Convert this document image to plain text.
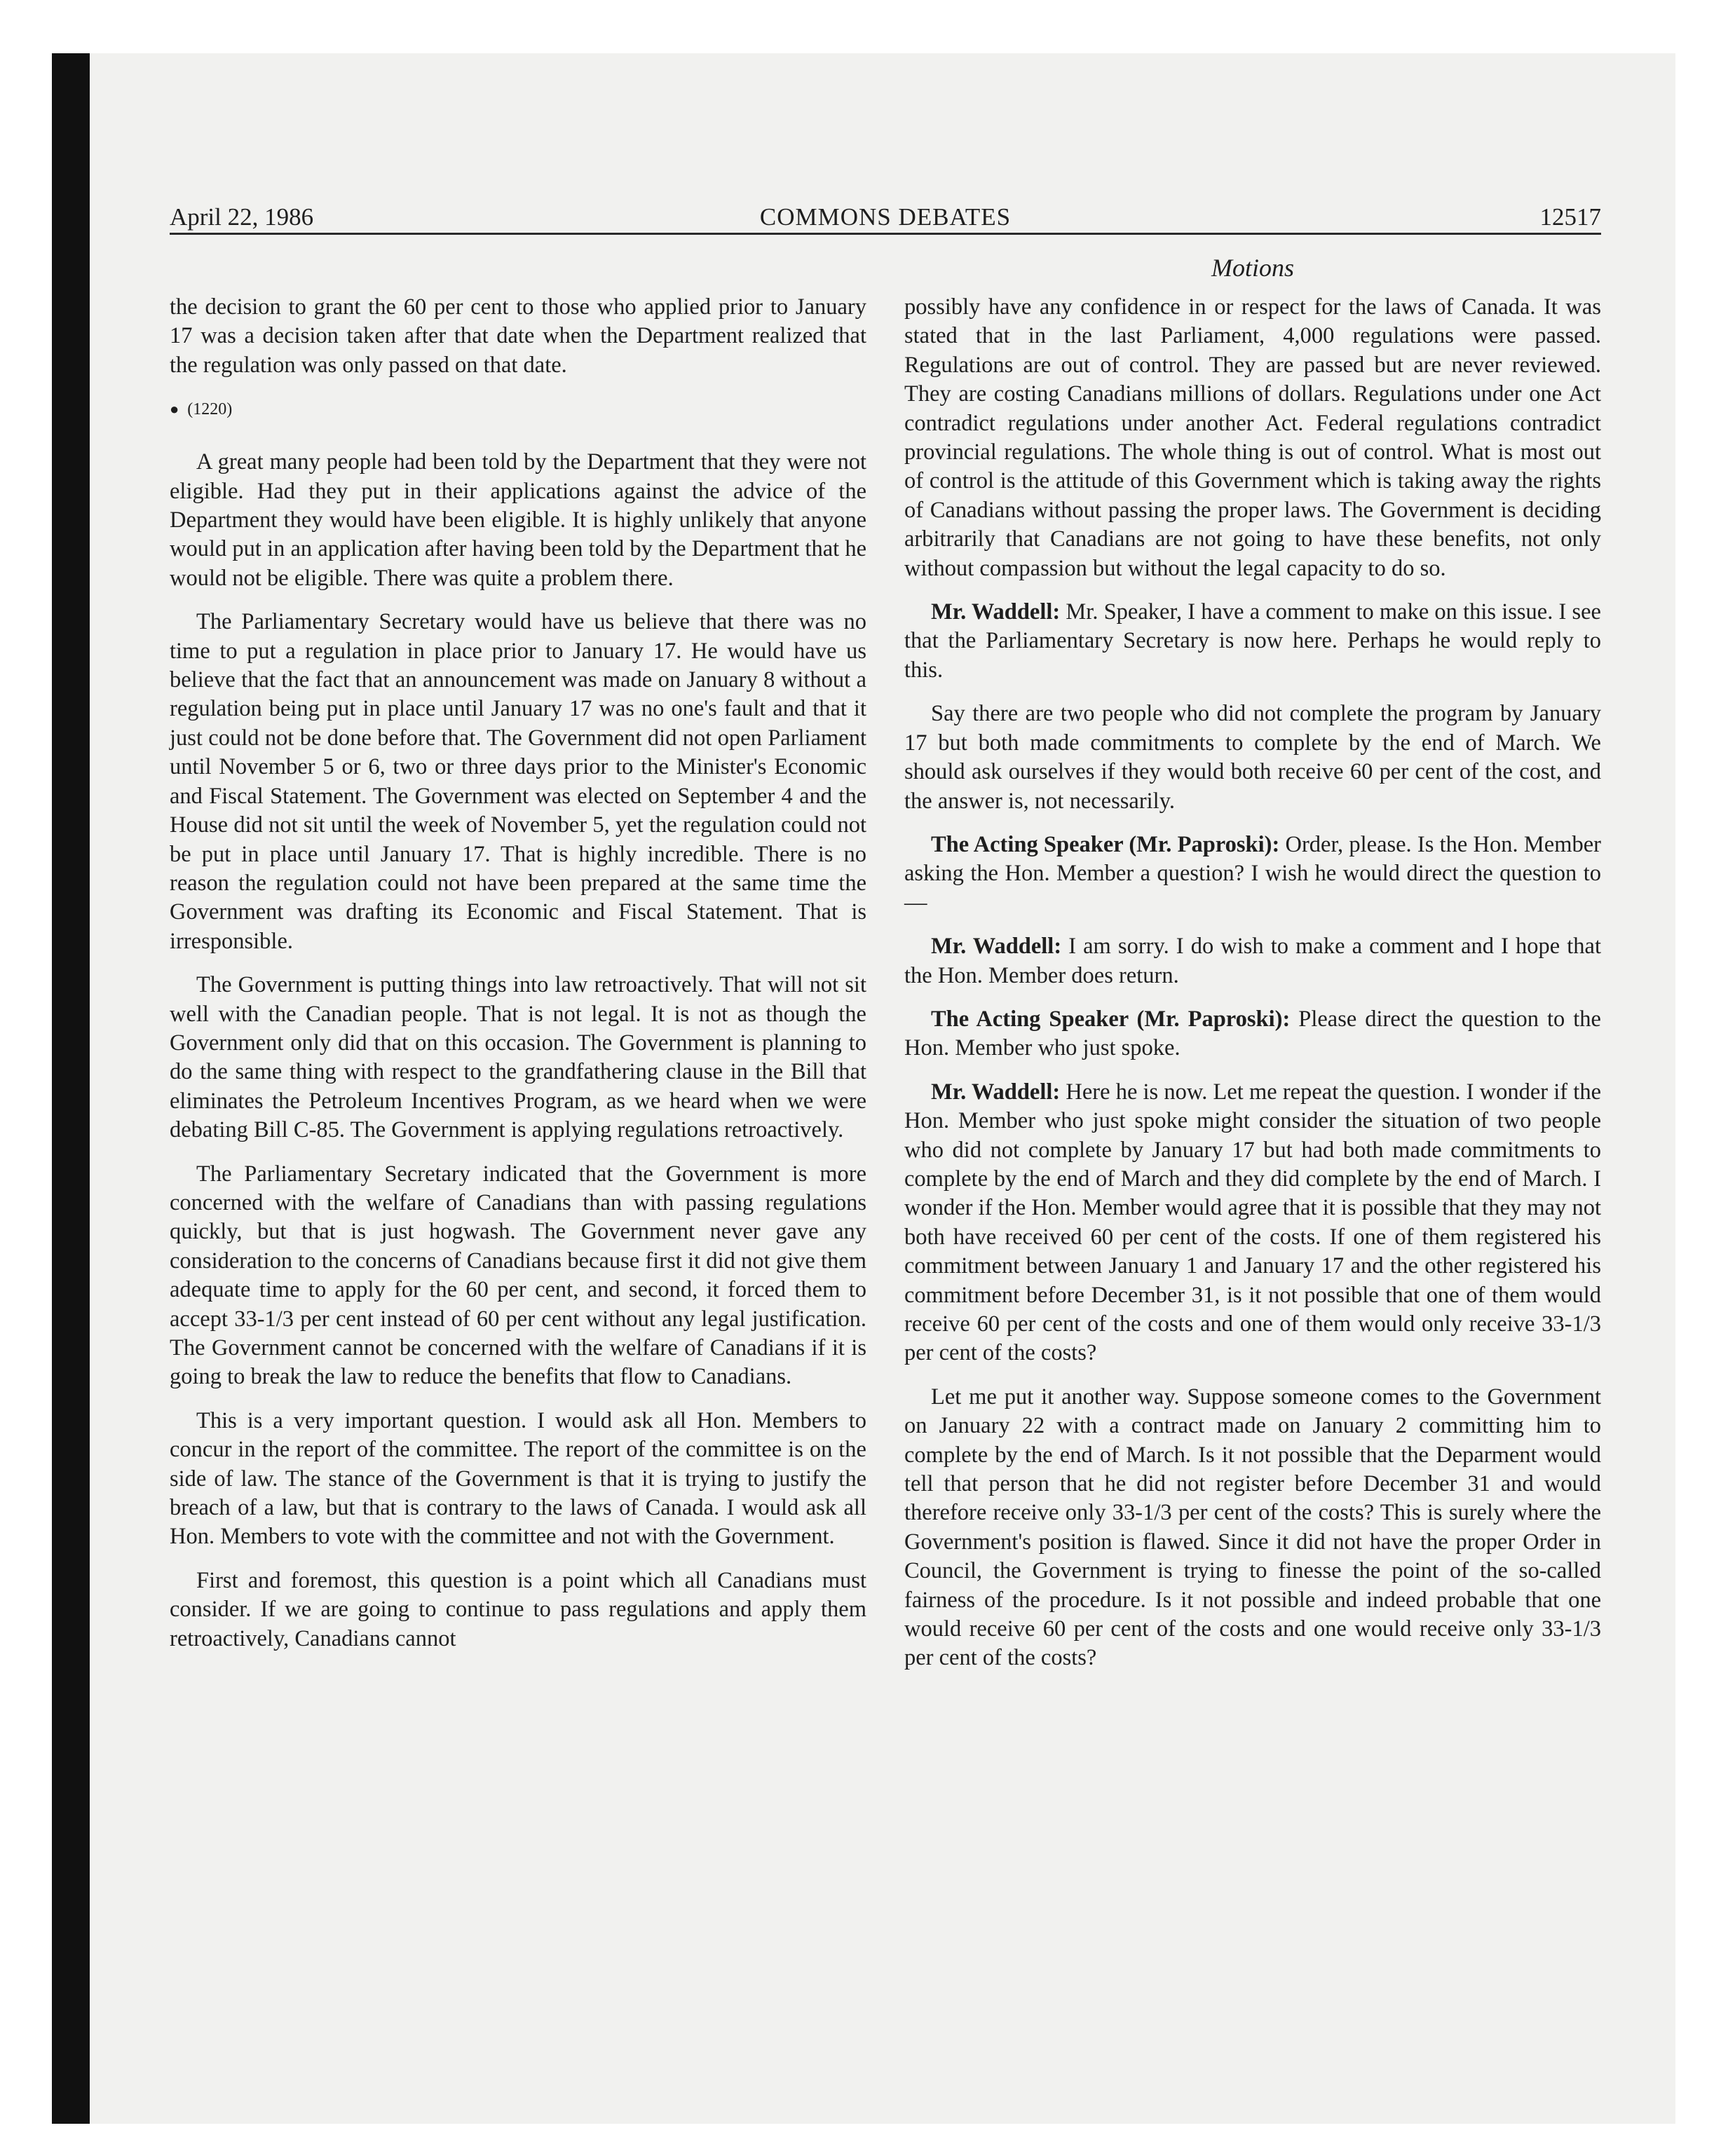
April 22, 1986	COMMONS DEBATES	12517
Motions

the decision to grant the 60 per cent to those who applied prior to January 17 was a decision taken after that date when the Department realized that the regulation was only passed on that date.

● (1220)

A great many people had been told by the Department that they were not eligible. Had they put in their applications against the advice of the Department they would have been eligible. It is highly unlikely that anyone would put in an application after having been told by the Department that he would not be eligible. There was quite a problem there.

The Parliamentary Secretary would have us believe that there was no time to put a regulation in place prior to January 17. He would have us believe that the fact that an announcement was made on January 8 without a regulation being put in place until January 17 was no one's fault and that it just could not be done before that. The Government did not open Parliament until November 5 or 6, two or three days prior to the Minister's Economic and Fiscal Statement. The Government was elected on September 4 and the House did not sit until the week of November 5, yet the regulation could not be put in place until January 17. That is highly incredible. There is no reason the regulation could not have been prepared at the same time the Government was drafting its Economic and Fiscal Statement. That is irresponsible.

The Government is putting things into law retroactively. That will not sit well with the Canadian people. That is not legal. It is not as though the Government only did that on this occasion. The Government is planning to do the same thing with respect to the grandfathering clause in the Bill that eliminates the Petroleum Incentives Program, as we heard when we were debating Bill C-85. The Government is applying regulations retroactively.

The Parliamentary Secretary indicated that the Government is more concerned with the welfare of Canadians than with passing regulations quickly, but that is just hogwash. The Government never gave any consideration to the concerns of Canadians because first it did not give them adequate time to apply for the 60 per cent, and second, it forced them to accept 33-1/3 per cent instead of 60 per cent without any legal justification. The Government cannot be concerned with the welfare of Canadians if it is going to break the law to reduce the benefits that flow to Canadians.

This is a very important question. I would ask all Hon. Members to concur in the report of the committee. The report of the committee is on the side of law. The stance of the Government is that it is trying to justify the breach of a law, but that is contrary to the laws of Canada. I would ask all Hon. Members to vote with the committee and not with the Government.

First and foremost, this question is a point which all Canadians must consider. If we are going to continue to pass regulations and apply them retroactively, Canadians cannot

possibly have any confidence in or respect for the laws of Canada. It was stated that in the last Parliament, 4,000 regulations were passed. Regulations are out of control. They are passed but are never reviewed. They are costing Canadians millions of dollars. Regulations under one Act contradict regulations under another Act. Federal regulations contradict provincial regulations. The whole thing is out of control. What is most out of control is the attitude of this Government which is taking away the rights of Canadians without passing the proper laws. The Government is deciding arbitrarily that Canadians are not going to have these benefits, not only without compassion but without the legal capacity to do so.

Mr. Waddell: Mr. Speaker, I have a comment to make on this issue. I see that the Parliamentary Secretary is now here. Perhaps he would reply to this.

Say there are two people who did not complete the program by January 17 but both made commitments to complete by the end of March. We should ask ourselves if they would both receive 60 per cent of the cost, and the answer is, not necessarily.

The Acting Speaker (Mr. Paproski): Order, please. Is the Hon. Member asking the Hon. Member a question? I wish he would direct the question to—

Mr. Waddell: I am sorry. I do wish to make a comment and I hope that the Hon. Member does return.

The Acting Speaker (Mr. Paproski): Please direct the question to the Hon. Member who just spoke.

Mr. Waddell: Here he is now. Let me repeat the question. I wonder if the Hon. Member who just spoke might consider the situation of two people who did not complete by January 17 but had both made commitments to complete by the end of March and they did complete by the end of March. I wonder if the Hon. Member would agree that it is possible that they may not both have received 60 per cent of the costs. If one of them registered his commitment between January 1 and January 17 and the other registered his commitment before December 31, is it not possible that one of them would receive 60 per cent of the costs and one of them would only receive 33-1/3 per cent of the costs?

Let me put it another way. Suppose someone comes to the Government on January 22 with a contract made on January 2 committing him to complete by the end of March. Is it not possible that the Deparment would tell that person that he did not register before December 31 and would therefore receive only 33-1/3 per cent of the costs? This is surely where the Government's position is flawed. Since it did not have the proper Order in Council, the Government is trying to finesse the point of the so-called fairness of the procedure. Is it not possible and indeed probable that one would receive 60 per cent of the costs and one would receive only 33-1/3 per cent of the costs?
